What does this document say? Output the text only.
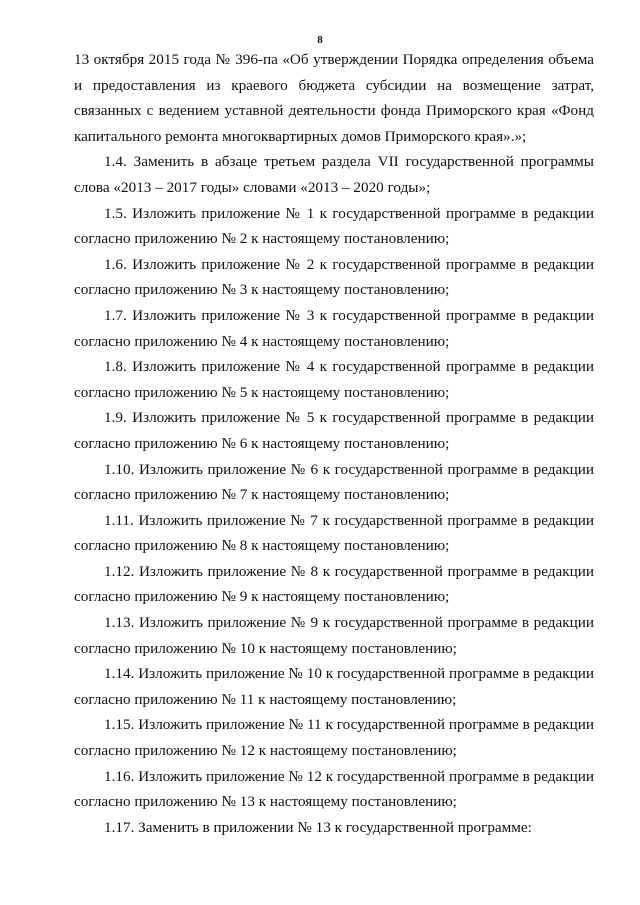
8

13 октября 2015 года № 396-па «Об утверждении Порядка определения объема и предоставления из краевого бюджета субсидии на возмещение затрат, связанных с ведением уставной деятельности фонда Приморского края «Фонд капитального ремонта многоквартирных домов Приморского края».»;

1.4. Заменить в абзаце третьем раздела VII государственной программы слова «2013 – 2017 годы» словами «2013 – 2020 годы»;

1.5. Изложить приложение № 1 к государственной программе в редакции согласно приложению № 2 к настоящему постановлению;

1.6. Изложить приложение № 2 к государственной программе в редакции согласно приложению № 3 к настоящему постановлению;

1.7. Изложить приложение № 3 к государственной программе в редакции согласно приложению № 4 к настоящему постановлению;

1.8. Изложить приложение № 4 к государственной программе в редакции согласно приложению № 5 к настоящему постановлению;

1.9. Изложить приложение № 5 к государственной программе в редакции согласно приложению № 6 к настоящему постановлению;

1.10. Изложить приложение № 6 к государственной программе в редакции согласно приложению № 7 к настоящему постановлению;

1.11. Изложить приложение № 7 к государственной программе в редакции согласно приложению № 8 к настоящему постановлению;

1.12. Изложить приложение № 8 к государственной программе в редакции согласно приложению № 9 к настоящему постановлению;

1.13. Изложить приложение № 9 к государственной программе в редакции согласно приложению № 10 к настоящему постановлению;

1.14. Изложить приложение № 10 к государственной программе в редакции согласно приложению № 11 к настоящему постановлению;

1.15. Изложить приложение № 11 к государственной программе в редакции согласно приложению № 12 к настоящему постановлению;

1.16. Изложить приложение № 12 к государственной программе в редакции согласно приложению № 13 к настоящему постановлению;

1.17. Заменить в приложении № 13 к государственной программе:
